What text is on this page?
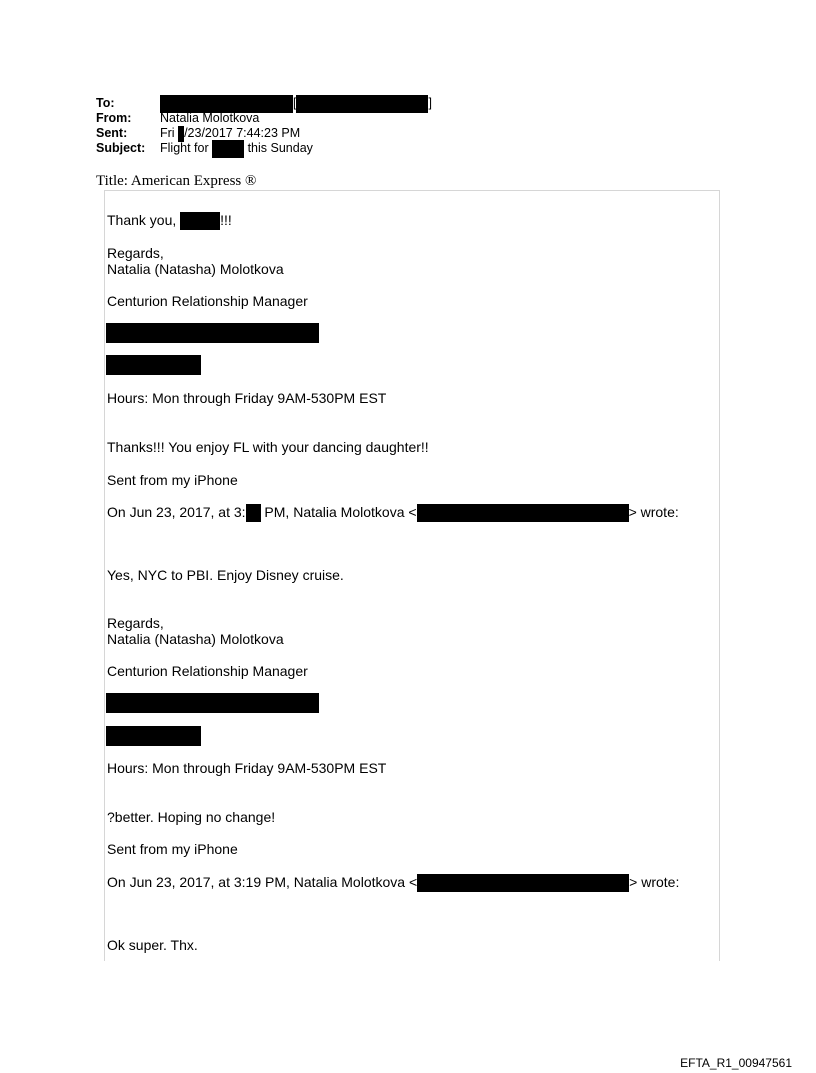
To:	[	]
From:	Natalia Molotkova
Sent:	Fri /23/2017 7:44:23 PM
Subject:	Flight for	this Sunday
Title: American Express ®
Thank you,	!!!
Regards,
Natalia (Natasha) Molotkova
Centurion Relationship Manager
Hours: Mon through Friday 9AM-530PM EST
Thanks!!! You enjoy FL with your dancing daughter!!
Sent from my iPhone
On Jun 23, 2017, at 3: PM, Natalia Molotkova <	> wrote:
Yes, NYC to PBI. Enjoy Disney cruise.
Regards,
Natalia (Natasha) Molotkova
Centurion Relationship Manager
Hours: Mon through Friday 9AM-530PM EST
?better. Hoping no change!
Sent from my iPhone
On Jun 23, 2017, at 3:19 PM, Natalia Molotkova <	> wrote:
Ok super. Thx.
EFTA_R1_00947561
